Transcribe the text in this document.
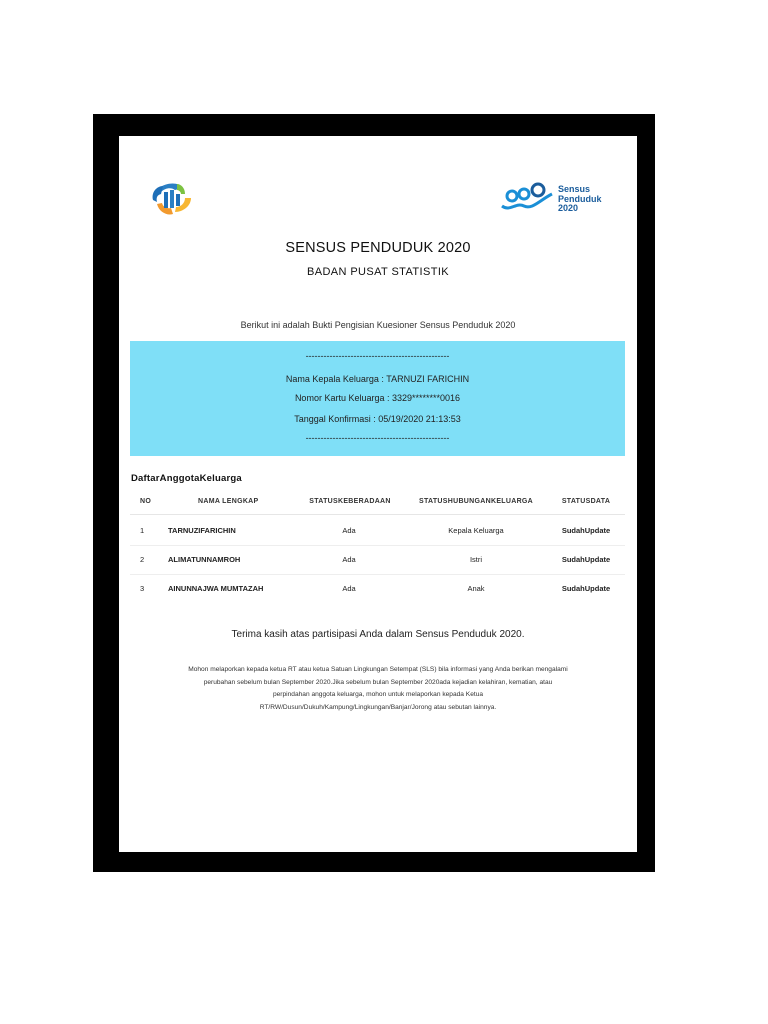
Sensus
Penduduk
2020
SENSUS PENDUDUK 2020
BADAN PUSAT STATISTIK
Berikut ini adalah Bukti Pengisian Kuesioner Sensus Penduduk 2020
------------------------------------------------
Nama Kepala Keluarga : TARNUZI FARICHIN
Nomor Kartu Keluarga : 3329********0016
Tanggal Konfirmasi : 05/19/2020 21:13:53
------------------------------------------------
DaftarAnggotaKeluarga
NO	NAMA LENGKAP	STATUSKEBERADAAN	STATUSHUBUNGANKELUARGA	STATUSDATA
1	TARNUZIFARICHIN	Ada	Kepala Keluarga	SudahUpdate
2	ALIMATUNNAMROH	Ada	Istri	SudahUpdate
3	AINUNNAJWA MUMTAZAH	Ada	Anak	SudahUpdate
Terima kasih atas partisipasi Anda dalam Sensus Penduduk 2020.
Mohon melaporkan kepada ketua RT atau ketua Satuan Lingkungan Setempat (SLS) bila informasi yang Anda berikan mengalami
perubahan sebelum bulan September 2020.Jika sebelum bulan September 2020ada kejadian kelahiran, kematian, atau
perpindahan anggota keluarga, mohon untuk melaporkan kepada Ketua
RT/RW/Dusun/Dukuh/Kampung/Lingkungan/Banjar/Jorong atau sebutan lainnya.
